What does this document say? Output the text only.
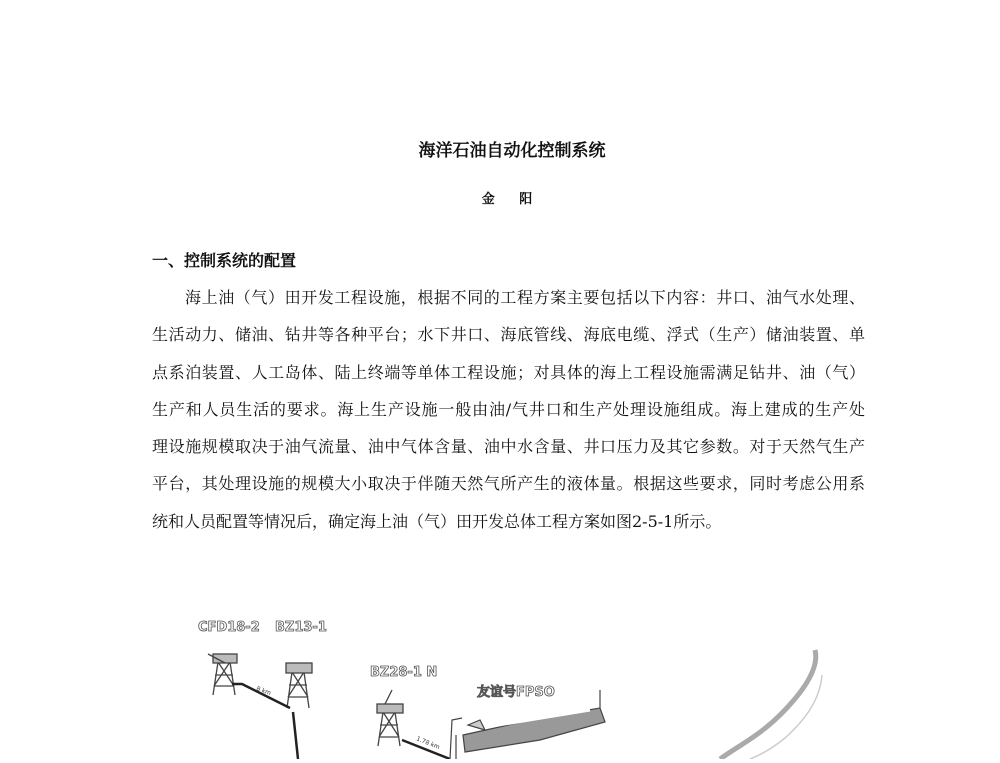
海洋石油自动化控制系统
金 阳
一、控制系统的配置
海上油（气）田开发工程设施，根据不同的工程方案主要包括以下内容：井口、油气水处理、
生活动力、储油、钻井等各种平台；水下井口、海底管线、海底电缆、浮式（生产）储油装置、单
点系泊装置、人工岛体、陆上终端等单体工程设施；对具体的海上工程设施需满足钻井、油（气）
生产和人员生活的要求。海上生产设施一般由油/气井口和生产处理设施组成。海上建成的生产处
理设施规模取决于油气流量、油中气体含量、油中水含量、井口压力及其它参数。对于天然气生产
平台，其处理设施的规模大小取决于伴随天然气所产生的液体量。根据这些要求，同时考虑公用系
统和人员配置等情况后，确定海上油（气）田开发总体工程方案如图2-5-1所示。
CFD18-2 BZ13-1
BZ28-1 N
友谊号FPSO
8 km
1.78 km
